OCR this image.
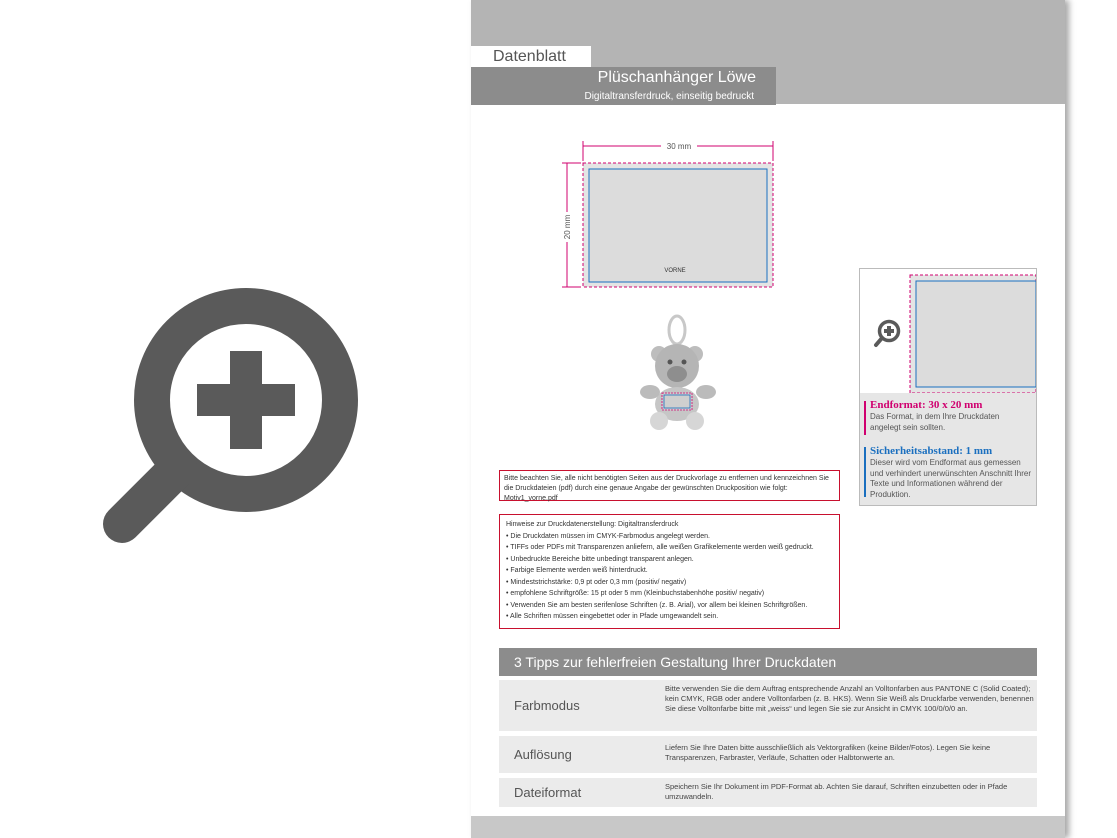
Datenblatt
Plüschanhänger Löwe
Digitaltransferdruck, einseitig bedruckt
30 mm
20 mm
VORNE
Endformat: 30 x 20 mm
Das Format, in dem Ihre Druckdaten angelegt sein sollten.
Sicherheitsabstand: 1 mm
Dieser wird vom Endformat aus gemessen und verhindert unerwünschten Anschnitt Ihrer Texte und Informationen während der Produktion.
Bitte beachten Sie, alle nicht benötigten Seiten aus der Druckvorlage zu entfernen und kennzeichnen Sie die Druckdateien (pdf) durch eine genaue Angabe der gewünschten Druckposition wie folgt: Motiv1_vorne.pdf
Hinweise zur Druckdatenerstellung: Digitaltransferdruck
• Die Druckdaten müssen im CMYK-Farbmodus angelegt werden.
• TIFFs oder PDFs mit Transparenzen anliefern, alle weißen Grafikelemente werden weiß gedruckt.
• Unbedruckte Bereiche bitte unbedingt transparent anlegen.
• Farbige Elemente werden weiß hinterdruckt.
• Mindeststrichstärke: 0,9 pt oder 0,3 mm (positiv/ negativ)
• empfohlene Schriftgröße: 15 pt oder 5 mm (Kleinbuchstabenhöhe positiv/ negativ)
• Verwenden Sie am besten serifenlose Schriften (z. B. Arial), vor allem bei kleinen Schriftgrößen.
• Alle Schriften müssen eingebettet oder in Pfade umgewandelt sein.
3 Tipps zur fehlerfreien Gestaltung Ihrer Druckdaten
Farbmodus
Bitte verwenden Sie die dem Auftrag entsprechende Anzahl an Volltonfarben aus PANTONE C (Solid Coated); kein CMYK, RGB oder andere Volltonfarben (z. B. HKS). Wenn Sie Weiß als Druckfarbe verwenden, benennen Sie diese Volltonfarbe bitte mit „weiss“ und legen Sie sie zur Ansicht in CMYK 100/0/0/0 an.
Auflösung	Liefern Sie Ihre Daten bitte ausschließlich als Vektorgrafiken (keine Bilder/Fotos). Legen Sie keine Transparenzen, Farbraster, Verläufe, Schatten oder Halbtonwerte an.
Dateiformat	Speichern Sie Ihr Dokument im PDF-Format ab. Achten Sie darauf, Schriften einzubetten oder in Pfade umzuwandeln.
